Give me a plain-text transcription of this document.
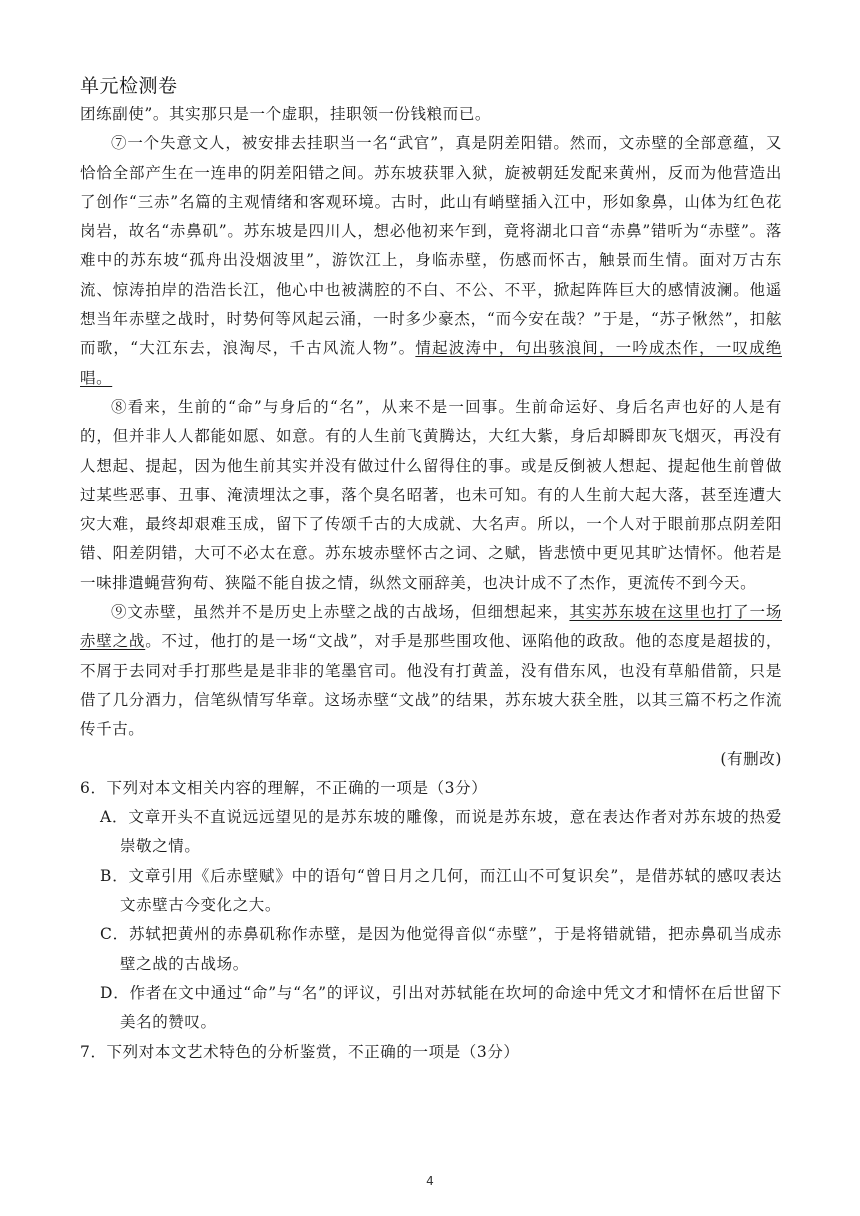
单元检测卷

团练副使”。其实那只是一个虚职，挂职领一份钱粮而已。

⑦一个失意文人，被安排去挂职当一名“武官”，真是阴差阳错。然而，文赤壁的全部意蕴，又恰恰全部产生在一连串的阴差阳错之间。苏东坡获罪入狱，旋被朝廷发配来黄州，反而为他营造出了创作“三赤”名篇的主观情绪和客观环境。古时，此山有峭壁插入江中，形如象鼻，山体为红色花岗岩，故名“赤鼻矶”。苏东坡是四川人，想必他初来乍到，竟将湖北口音“赤鼻”错听为“赤壁”。落难中的苏东坡“孤舟出没烟波里”，游饮江上，身临赤壁，伤感而怀古，触景而生情。面对万古东流、惊涛拍岸的浩浩长江，他心中也被满腔的不白、不公、不平，掀起阵阵巨大的感情波澜。他遥想当年赤壁之战时，时势何等风起云涌，一时多少豪杰，“而今安在哉？”于是，“苏子愀然”，扣舷而歌，“大江东去，浪淘尽，千古风流人物”。情起波涛中，句出骇浪间，一吟成杰作，一叹成绝唱。

⑧看来，生前的“命”与身后的“名”，从来不是一回事。生前命运好、身后名声也好的人是有的，但并非人人都能如愿、如意。有的人生前飞黄腾达，大红大紫，身后却瞬即灰飞烟灭，再没有人想起、提起，因为他生前其实并没有做过什么留得住的事。或是反倒被人想起、提起他生前曾做过某些恶事、丑事、淹渍埋汰之事，落个臭名昭著，也未可知。有的人生前大起大落，甚至连遭大灾大难，最终却艰难玉成，留下了传颂千古的大成就、大名声。所以，一个人对于眼前那点阴差阳错、阳差阴错，大可不必太在意。苏东坡赤壁怀古之词、之赋，皆悲愤中更见其旷达情怀。他若是一味排遣蝇营狗苟、狭隘不能自拔之情，纵然文丽辞美，也决计成不了杰作，更流传不到今天。

⑨文赤壁，虽然并不是历史上赤壁之战的古战场，但细想起来，其实苏东坡在这里也打了一场赤壁之战。不过，他打的是一场“文战”，对手是那些围攻他、诬陷他的政敌。他的态度是超拔的，不屑于去同对手打那些是是非非的笔墨官司。他没有打黄盖，没有借东风，也没有草船借箭，只是借了几分酒力，信笔纵情写华章。这场赤壁“文战”的结果，苏东坡大获全胜，以其三篇不朽之作流传千古。

(有删改)

6．下列对本文相关内容的理解，不正确的一项是（3分）

A．文章开头不直说远远望见的是苏东坡的雕像，而说是苏东坡，意在表达作者对苏东坡的热爱崇敬之情。

B．文章引用《后赤壁赋》中的语句“曾日月之几何，而江山不可复识矣”，是借苏轼的感叹表达文赤壁古今变化之大。

C．苏轼把黄州的赤鼻矶称作赤壁，是因为他觉得音似“赤壁”，于是将错就错，把赤鼻矶当成赤壁之战的古战场。

D．作者在文中通过“命”与“名”的评议，引出对苏轼能在坎坷的命途中凭文才和情怀在后世留下美名的赞叹。

7．下列对本文艺术特色的分析鉴赏，不正确的一项是（3分）

4
